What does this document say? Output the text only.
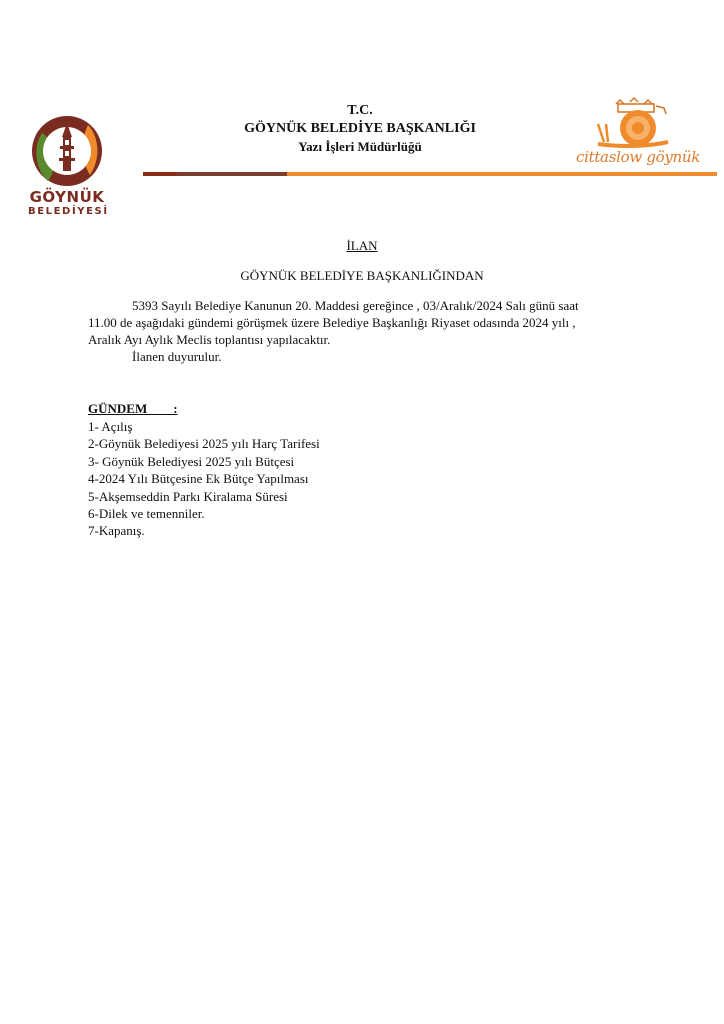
GÖYNÜK
BELEDİYESİ
T.C.
GÖYNÜK BELEDİYE BAŞKANLIĞI
Yazı İşleri Müdürlüğü
cittaslow göynük
İLAN
GÖYNÜK BELEDİYE BAŞKANLIĞINDAN
5393 Sayılı Belediye Kanunun 20. Maddesi gereğince , 03/Aralık/2024 Salı günü saat
11.00 de aşağıdaki gündemi görüşmek üzere Belediye Başkanlığı Riyaset odasında 2024 yılı ,
Aralık Ayı Aylık Meclis toplantısı yapılacaktır.
İlanen duyurulur.
GÜNDEM        :
1- Açılış
2-Göynük Belediyesi 2025 yılı Harç Tarifesi
3- Göynük Belediyesi 2025 yılı Bütçesi
4-2024 Yılı Bütçesine Ek Bütçe Yapılması
5-Akşemseddin Parkı Kiralama Süresi
6-Dilek ve temenniler.
7-Kapanış.
